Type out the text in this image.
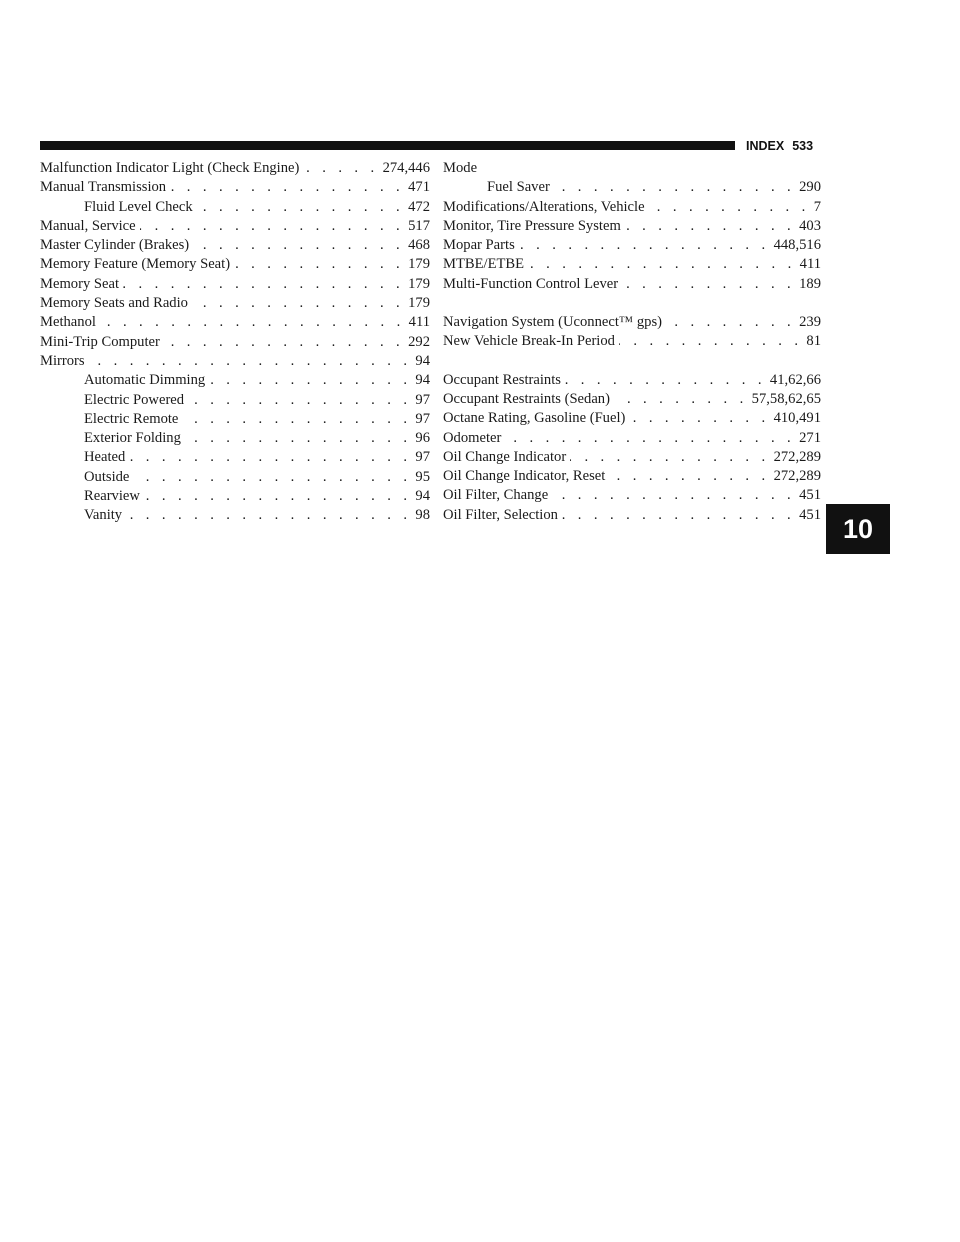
INDEX 533
Malfunction Indicator Light (Check Engine) . . .	274,446
Manual Transmission . . .	471
Fluid Level Check . . .	472
Manual, Service . . .	517
Master Cylinder (Brakes) . . .	468
Memory Feature (Memory Seat) . . .	179
Memory Seat . . .	179
Memory Seats and Radio . . .	179
Methanol . . .	411
Mini-Trip Computer . . .	292
Mirrors . . .	94
Automatic Dimming . . .	94
Electric Powered . . .	97
Electric Remote . . .	97
Exterior Folding . . .	96
Heated . . .	97
Outside . . .	95
Rearview . . .	94
Vanity . . .	98
Mode
Fuel Saver . . .	290
Modifications/Alterations, Vehicle . . .	7
Monitor, Tire Pressure System . . .	403
Mopar Parts . . .	448,516
MTBE/ETBE . . .	411
Multi-Function Control Lever . . .	189
Navigation System (Uconnect™ gps) . . .	239
New Vehicle Break-In Period . . .	81
Occupant Restraints . . .	41,62,66
Occupant Restraints (Sedan) . . .	57,58,62,65
Octane Rating, Gasoline (Fuel) . . .	410,491
Odometer . . .	271
Oil Change Indicator . . .	272,289
Oil Change Indicator, Reset . . .	272,289
Oil Filter, Change . . .	451
Oil Filter, Selection . . .	451 10
